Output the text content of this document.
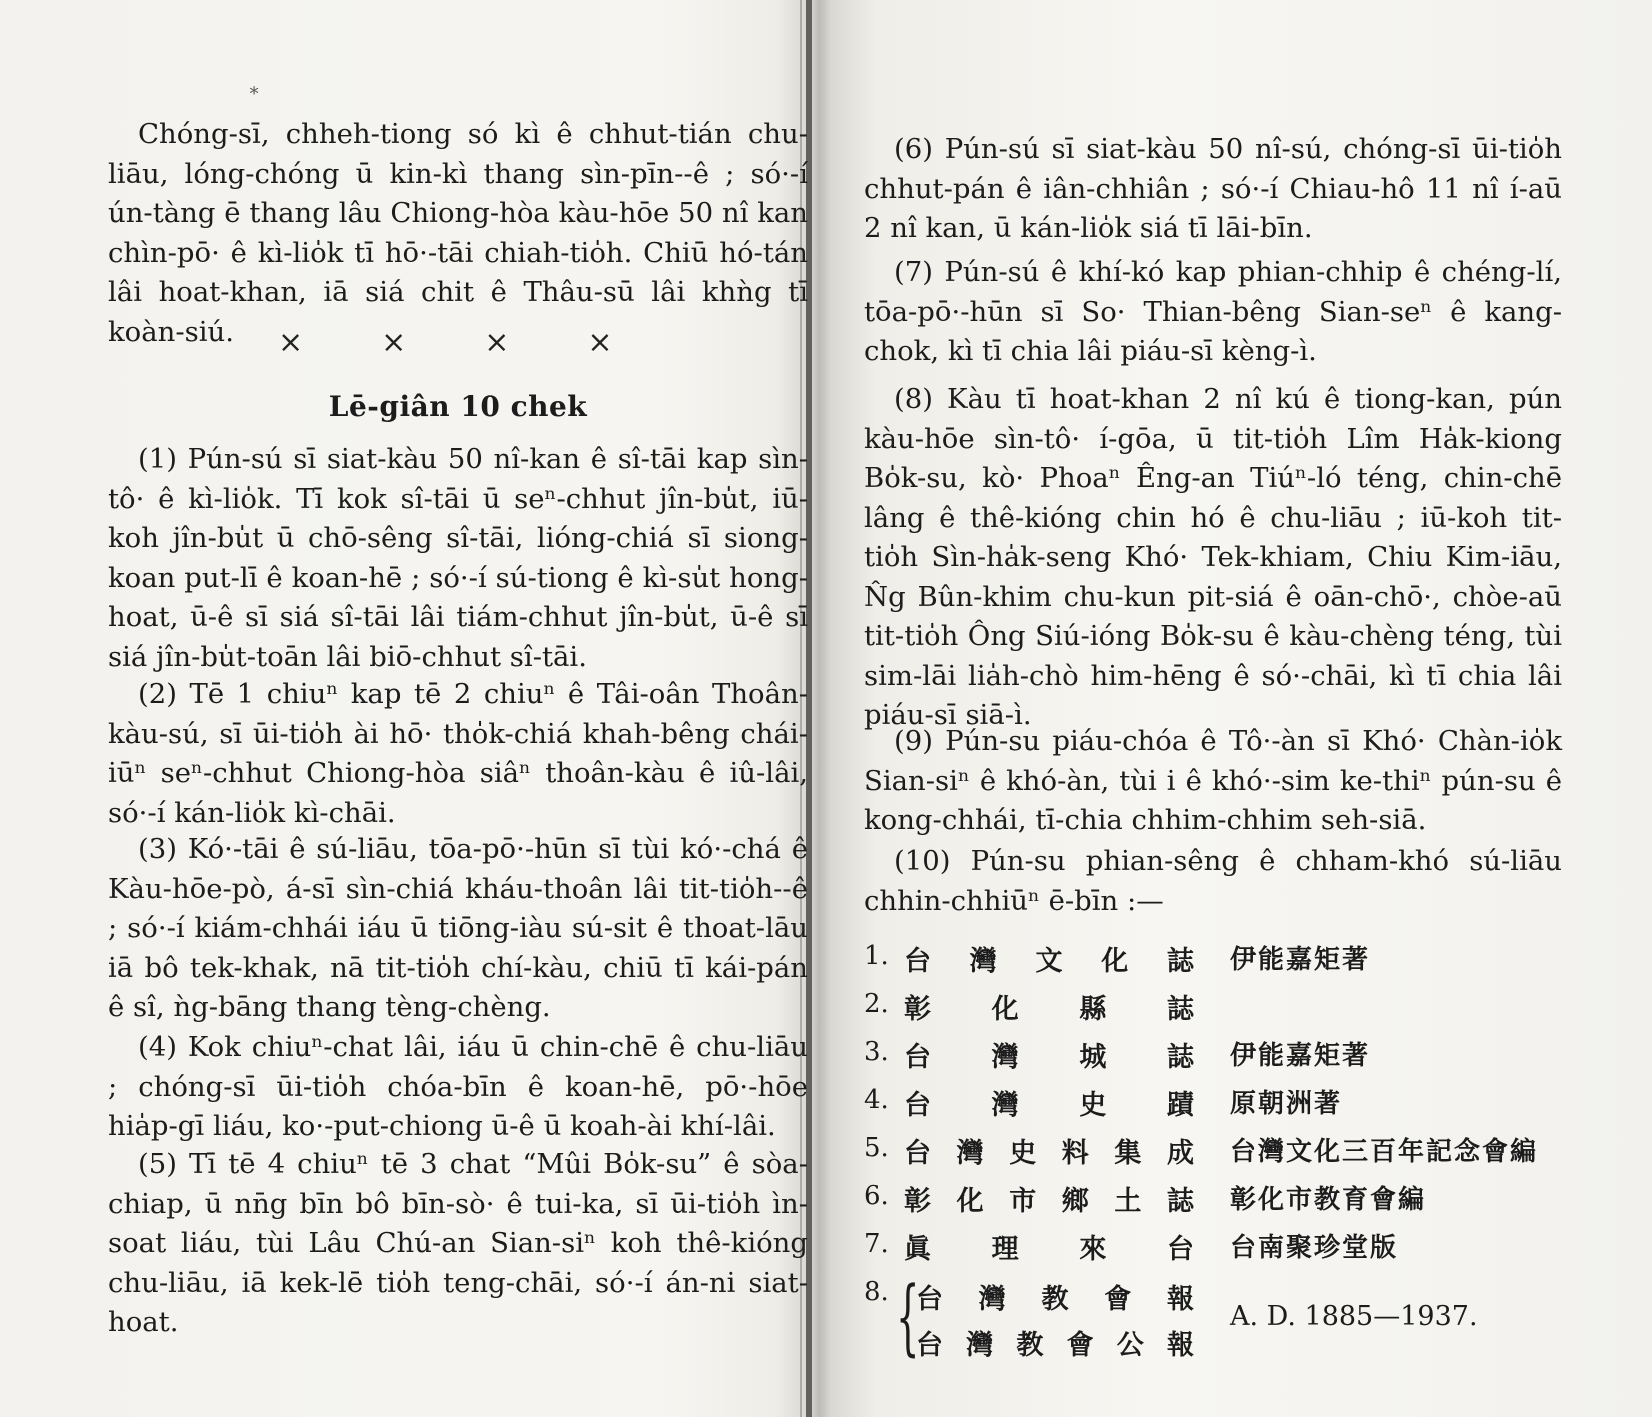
∗
Chóng-sī, chheh-tiong só kì ê chhut-tián chu-liāu, lóng-chóng ū kin-kì thang sìn-pīn--ê ; só·-í ún-tàng ē thang lâu Chiong-hòa kàu-hōe 50 nî kan chìn-pō· ê kì-lio̍k tī hō·-tāi chiah-tio̍h. Chiū hó-tán lâi hoat-khan, iā siá chit ê Thâu-sū lâi khǹg tī koàn-siú.	×	×	×	×
Lē-giân 10 chek
(1) Pún-sú sī siat-kàu 50 nî-kan ê sî-tāi kap sìn-tô· ê kì-lio̍k. Tī kok sî-tāi ū seⁿ-chhut jîn-bu̍t, iū-koh jîn-bu̍t ū chō-sêng sî-tāi, lióng-chiá sī siong-koan put-lī ê koan-hē ; só·-í sú-tiong ê kì-su̍t hong-hoat, ū-ê sī siá sî-tāi lâi tiám-chhut jîn-bu̍t, ū-ê sī siá jîn-bu̍t-toān lâi biō-chhut sî-tāi.
(2) Tē 1 chiuⁿ kap tē 2 chiuⁿ ê Tâi-oân Thoân-kàu-sú, sī ūi-tio̍h ài hō· tho̍k-chiá khah-bêng chái-iūⁿ seⁿ-chhut Chiong-hòa siâⁿ thoân-kàu ê iû-lâi, só·-í kán-lio̍k kì-chāi.
(3) Kó·-tāi ê sú-liāu, tōa-pō·-hūn sī tùi kó·-chá ê Kàu-hōe-pò, á-sī sìn-chiá kháu-thoân lâi tit-tio̍h--ê ; só·-í kiám-chhái iáu ū tiōng-iàu sú-sit ê thoat-lāu iā bô tek-khak, nā tit-tio̍h chí-kàu, chiū tī kái-pán ê sî, ǹg-bāng thang tèng-chèng.
(4) Kok chiuⁿ-chat lâi, iáu ū chin-chē ê chu-liāu ; chóng-sī ūi-tio̍h chóa-bīn ê koan-hē, pō·-hōe hia̍p-gī liáu, ko·-put-chiong ū-ê ū koah-ài khí-lâi.
(5) Tī tē 4 chiuⁿ tē 3 chat “Mûi Bo̍k-su” ê sòa-chiap, ū nn̄g bīn bô bīn-sò· ê tui-ka, sī ūi-tio̍h ìn-soat liáu, tùi Lâu Chú-an Sian-siⁿ koh thê-kióng chu-liāu, iā kek-lē tio̍h teng-chāi, só·-í án-ni siat-hoat.
(6) Pún-sú sī siat-kàu 50 nî-sú, chóng-sī ūi-tio̍h chhut-pán ê iân-chhiân ; só·-í Chiau-hô 11 nî í-aū 2 nî kan, ū kán-lio̍k siá tī lāi-bīn.
(7) Pún-sú ê khí-kó kap phian-chhip ê chéng-lí, tōa-pō·-hūn sī So· Thian-bêng Sian-seⁿ ê kang-chok, kì tī chia lâi piáu-sī kèng-ì.
(8) Kàu tī hoat-khan 2 nî kú ê tiong-kan, pún kàu-hōe sìn-tô· í-gōa, ū tit-tio̍h Lîm Ha̍k-kiong Bo̍k-su, kò· Phoaⁿ Êng-an Tiúⁿ-ló téng, chin-chē lâng ê thê-kióng chin hó ê chu-liāu ; iū-koh tit-tio̍h Sìn-ha̍k-seng Khó· Tek-khiam, Chiu Kim-iāu, N̂g Bûn-khim chu-kun pit-siá ê oān-chō·, chòe-aū tit-tio̍h Ông Siú-ióng Bo̍k-su ê kàu-chèng téng, tùi sim-lāi lia̍h-chò him-hēng ê só·-chāi, kì tī chia lâi piáu-sī siā-ì.
(9) Pún-su piáu-chóa ê Tô·-àn sī Khó· Chàn-io̍k Sian-siⁿ ê khó-àn, tùi i ê khó·-sim ke-thiⁿ pún-su ê kong-chhái, tī-chia chhim-chhim seh-siā.
(10) Pún-su phian-sêng ê chham-khó sú-liāu chhin-chhiūⁿ ē-bīn :—
1. 台 灣 文 化 誌 伊能嘉矩著
2. 彰 化 縣 誌
3. 台 灣 城 誌 伊能嘉矩著
4. 台 灣 史 蹟 原朝洲著
5. 台 灣 史 料 集 成 台灣文化三百年記念會編
6. 彰 化 市 鄉 土 誌 彰化市教育會編
7. 眞 理 來 台 台南聚珍堂版
8. {
台 灣 教 會 報
台 灣 教 會 公 報
A. D. 1885—1937.
